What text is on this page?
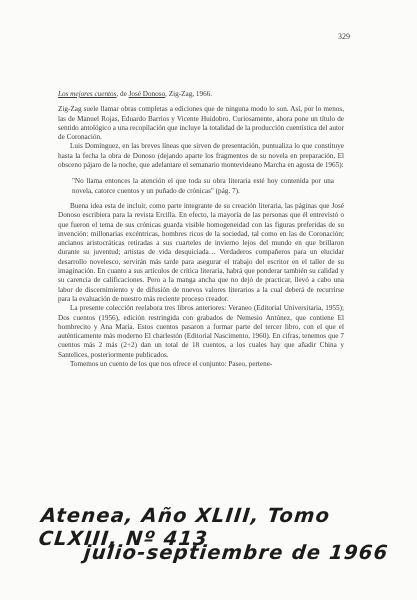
329

Los mejores cuentos, de José Donoso, Zig-Zag, 1966.

Zig-Zag suele llamar obras completas a ediciones que de ninguna modo lo son. Así, por lo menos, las de Manuel Rojas, Eduardo Barrios y Vicente Huidobro. Curiosamente, ahora pone un título de sentido antológico a una recopilación que incluye la totalidad de la producción cuentística del autor de Coronación.

Luis Domínguez, en las breves líneas que sirven de presentación, puntualiza lo que constituye hasta la fecha la obra de Donoso (dejando aparte los fragmentos de su novela en preparación, El obsceno pájaro de la noche, que adelantare el semanario montevideano Marcha en agosta de 1965):

"No llama entonces la atención el que toda su obra literaria esté hoy contenida por una novela, catorce cuentos y un puñado de crónicas" (pág. 7).

Buena idea esta de incluir, como parte integrante de su creación literaria, las páginas que José Donoso escribiera para la revista Ercilla. En efecto, la mayoría de las personas que él entrevistó o que fueron el tema de sus crónicas guarda visible homogeneidad con las figuras preferidas de su invención: millonarias excéntricas, hombres ricos de la sociedad, tal como en las de Coronación; ancianos aristocráticas retiradas a sus cuarteles de invierno lejos del mundo en que brillaron durante su juventud; artistas de vida desquiciada… Verdaderos compañeros para un elucidar desarrollo novelesco, servirán más tarde para asegurar el trabajo del escritor en el taller de su imaginación. En cuanto a sus artículos de crítica literaria, habrá que ponderar también su calidad y su carencia de calificaciones. Pero a la manga ancha que no dejó de practicar, llevó a cabo una labor de discernimiento y de difusión de nuevos valores literarios a la cual deberá de recurrirse para la evaluación de nuestro más reciente proceso creador.

La presente colección reelabora tres libros anteriores: Veraneo (Editorial Universitaria, 1955); Dos cuentos (1956), edición restringida con grabados de Nemesio Antúnez, que contiene El hombrecito y Ana María. Estos cuentos pasaron a formar parte del tercer libro, con el que el auténticamente más moderno El charlestón (Editorial Nascimento, 1960). En cifras, tenemos que 7 cuentos más 2 más (2+2) dan un total de 18 cuentos, a los cuales hay que añadir China y Santelices, posteriormente publicados.

Tomemos un cuento de los que nos ofrece el conjunto: Paseo, pertene-

Atenea, Año XLIII, Tomo CLXIII, Nº 413
julio-septiembre de 1966
